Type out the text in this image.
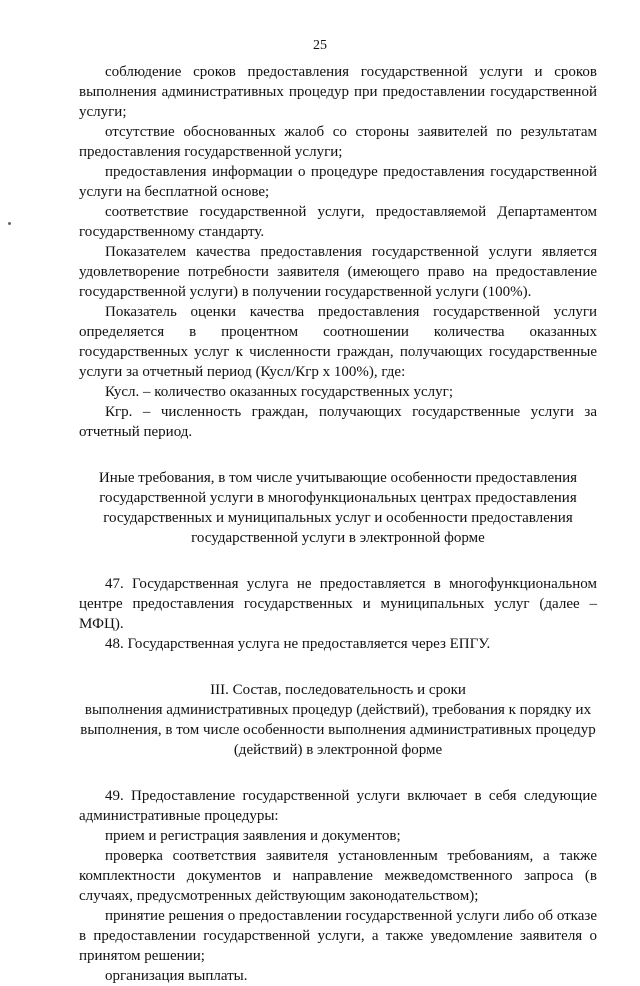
25

соблюдение сроков предоставления государственной услуги и сроков выполнения административных процедур при предоставлении государственной услуги;

отсутствие обоснованных жалоб со стороны заявителей по результатам предоставления государственной услуги;

предоставления информации о процедуре предоставления государственной услуги на бесплатной основе;

соответствие государственной услуги, предоставляемой Департаментом государственному стандарту.

Показателем качества предоставления государственной услуги является удовлетворение потребности заявителя (имеющего право на предоставление государственной услуги) в получении государственной услуги (100%).

Показатель оценки качества предоставления государственной услуги определяется в процентном соотношении количества оказанных государственных услуг к численности граждан, получающих государственные услуги за отчетный период (Кусл/Кгр х 100%), где:

Кусл. – количество оказанных государственных услуг;

Кгр. – численность граждан, получающих государственные услуги за отчетный период.

Иные требования, в том числе учитывающие особенности предоставления государственной услуги в многофункциональных центрах предоставления государственных и муниципальных услуг и особенности предоставления государственной услуги в электронной форме

47. Государственная услуга не предоставляется в многофункциональном центре предоставления государственных и муниципальных услуг (далее – МФЦ).

48. Государственная услуга не предоставляется через ЕПГУ.

III. Состав, последовательность и сроки

выполнения административных процедур (действий), требования к порядку их выполнения, в том числе особенности выполнения административных процедур (действий) в электронной форме

49. Предоставление государственной услуги включает в себя следующие административные процедуры:

прием и регистрация заявления и документов;

проверка соответствия заявителя установленным требованиям, а также комплектности документов и направление межведомственного запроса (в случаях, предусмотренных действующим законодательством);

принятие решения о предоставлении государственной услуги либо об отказе в предоставлении государственной услуги, а также уведомление заявителя о принятом решении;

организация выплаты.
